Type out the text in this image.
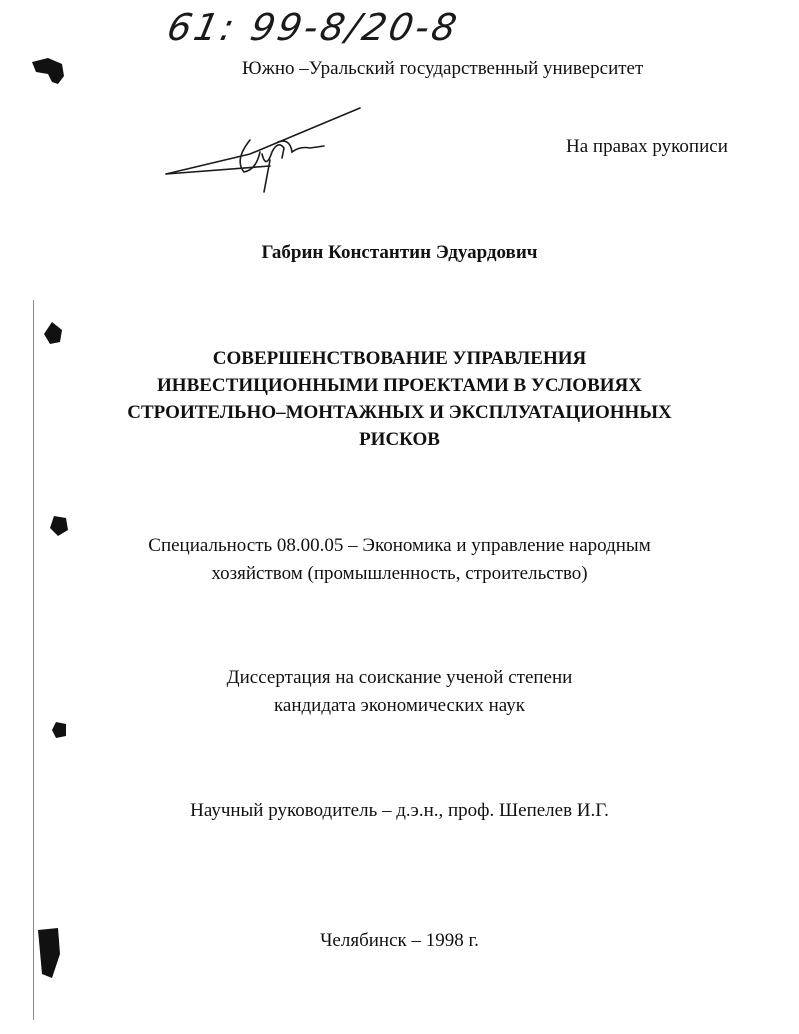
61: 99-8/20-8
Южно –Уральский государственный университет
На правах рукописи
Габрин Константин Эдуардович
СОВЕРШЕНСТВОВАНИЕ УПРАВЛЕНИЯ
ИНВЕСТИЦИОННЫМИ ПРОЕКТАМИ В УСЛОВИЯХ
СТРОИТЕЛЬНО–МОНТАЖНЫХ И ЭКСПЛУАТАЦИОННЫХ
РИСКОВ
Специальность 08.00.05 – Экономика и управление народным
хозяйством (промышленность, строительство)
Диссертация на соискание ученой степени
кандидата экономических наук
Научный руководитель – д.э.н., проф. Шепелев И.Г.
Челябинск – 1998 г.
